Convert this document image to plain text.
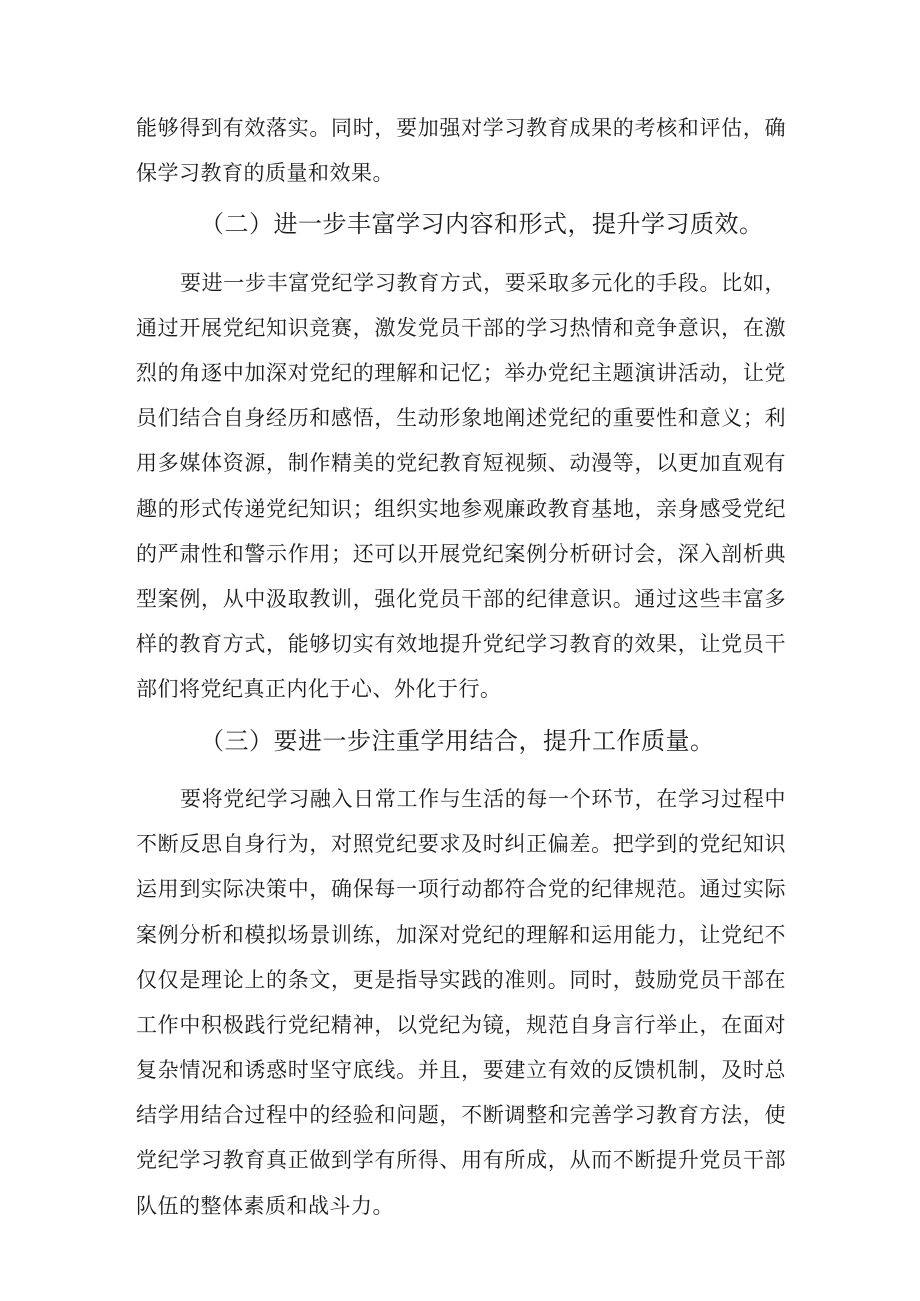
能够得到有效落实。同时，要加强对学习教育成果的考核和评估，确
保学习教育的质量和效果。
（二）进一步丰富学习内容和形式，提升学习质效。
要进一步丰富党纪学习教育方式，要采取多元化的手段。比如，
通过开展党纪知识竞赛，激发党员干部的学习热情和竞争意识，在激
烈的角逐中加深对党纪的理解和记忆；举办党纪主题演讲活动，让党
员们结合自身经历和感悟，生动形象地阐述党纪的重要性和意义；利
用多媒体资源，制作精美的党纪教育短视频、动漫等，以更加直观有
趣的形式传递党纪知识；组织实地参观廉政教育基地，亲身感受党纪
的严肃性和警示作用；还可以开展党纪案例分析研讨会，深入剖析典
型案例，从中汲取教训，强化党员干部的纪律意识。通过这些丰富多
样的教育方式，能够切实有效地提升党纪学习教育的效果，让党员干
部们将党纪真正内化于心、外化于行。
（三）要进一步注重学用结合，提升工作质量。
要将党纪学习融入日常工作与生活的每一个环节，在学习过程中
不断反思自身行为，对照党纪要求及时纠正偏差。把学到的党纪知识
运用到实际决策中，确保每一项行动都符合党的纪律规范。通过实际
案例分析和模拟场景训练，加深对党纪的理解和运用能力，让党纪不
仅仅是理论上的条文，更是指导实践的准则。同时，鼓励党员干部在
工作中积极践行党纪精神，以党纪为镜，规范自身言行举止，在面对
复杂情况和诱惑时坚守底线。并且，要建立有效的反馈机制，及时总
结学用结合过程中的经验和问题，不断调整和完善学习教育方法，使
党纪学习教育真正做到学有所得、用有所成，从而不断提升党员干部
队伍的整体素质和战斗力。
